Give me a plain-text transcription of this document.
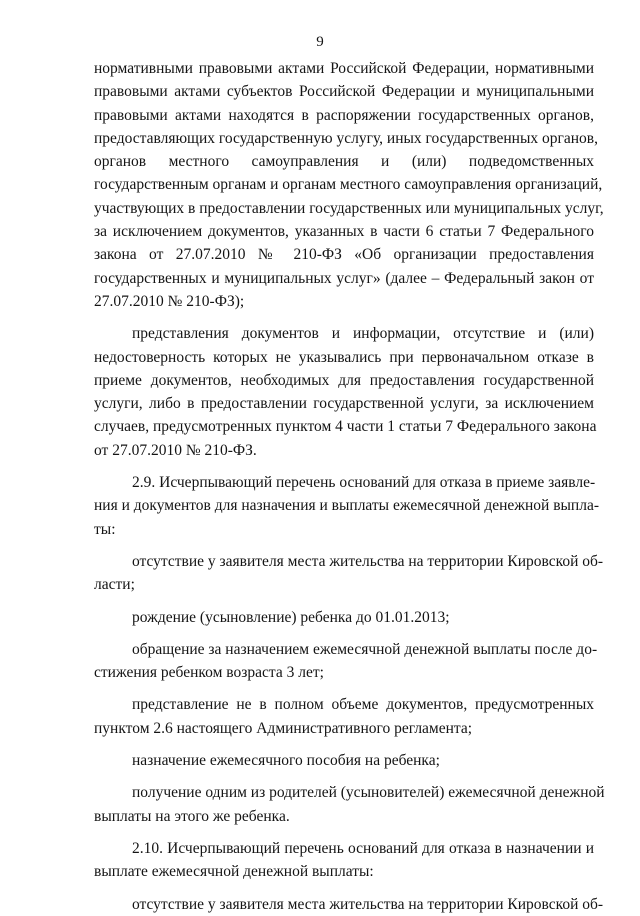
9
нормативными правовыми актами Российской Федерации, нормативными
правовыми актами субъектов Российской Федерации и муниципальными
правовыми актами находятся в распоряжении государственных органов,
предоставляющих государственную услугу, иных государственных органов,
органов местного самоуправления и (или) подведомственных
государственным органам и органам местного самоуправления организаций,
участвующих в предоставлении государственных или муниципальных услуг,
за исключением документов, указанных в части 6 статьи 7 Федерального
закона от 27.07.2010 № 210-ФЗ «Об организации предоставления
государственных и муниципальных услуг» (далее – Федеральный закон от
27.07.2010 № 210-ФЗ);
представления документов и информации, отсутствие и (или)
недостоверность которых не указывались при первоначальном отказе в
приеме документов, необходимых для предоставления государственной
услуги, либо в предоставлении государственной услуги, за исключением
случаев, предусмотренных пунктом 4 части 1 статьи 7 Федерального закона
от 27.07.2010 № 210-ФЗ.
2.9. Исчерпывающий перечень оснований для отказа в приеме заявле-
ния и документов для назначения и выплаты ежемесячной денежной выпла-
ты:
отсутствие у заявителя места жительства на территории Кировской об-
ласти;
рождение (усыновление) ребенка до 01.01.2013;
обращение за назначением ежемесячной денежной выплаты после до-
стижения ребенком возраста 3 лет;
представление не в полном объеме документов, предусмотренных
пунктом 2.6 настоящего Административного регламента;
назначение ежемесячного пособия на ребенка;
получение одним из родителей (усыновителей) ежемесячной денежной
выплаты на этого же ребенка.
2.10. Исчерпывающий перечень оснований для отказа в назначении и
выплате ежемесячной денежной выплаты:
отсутствие у заявителя места жительства на территории Кировской об-
